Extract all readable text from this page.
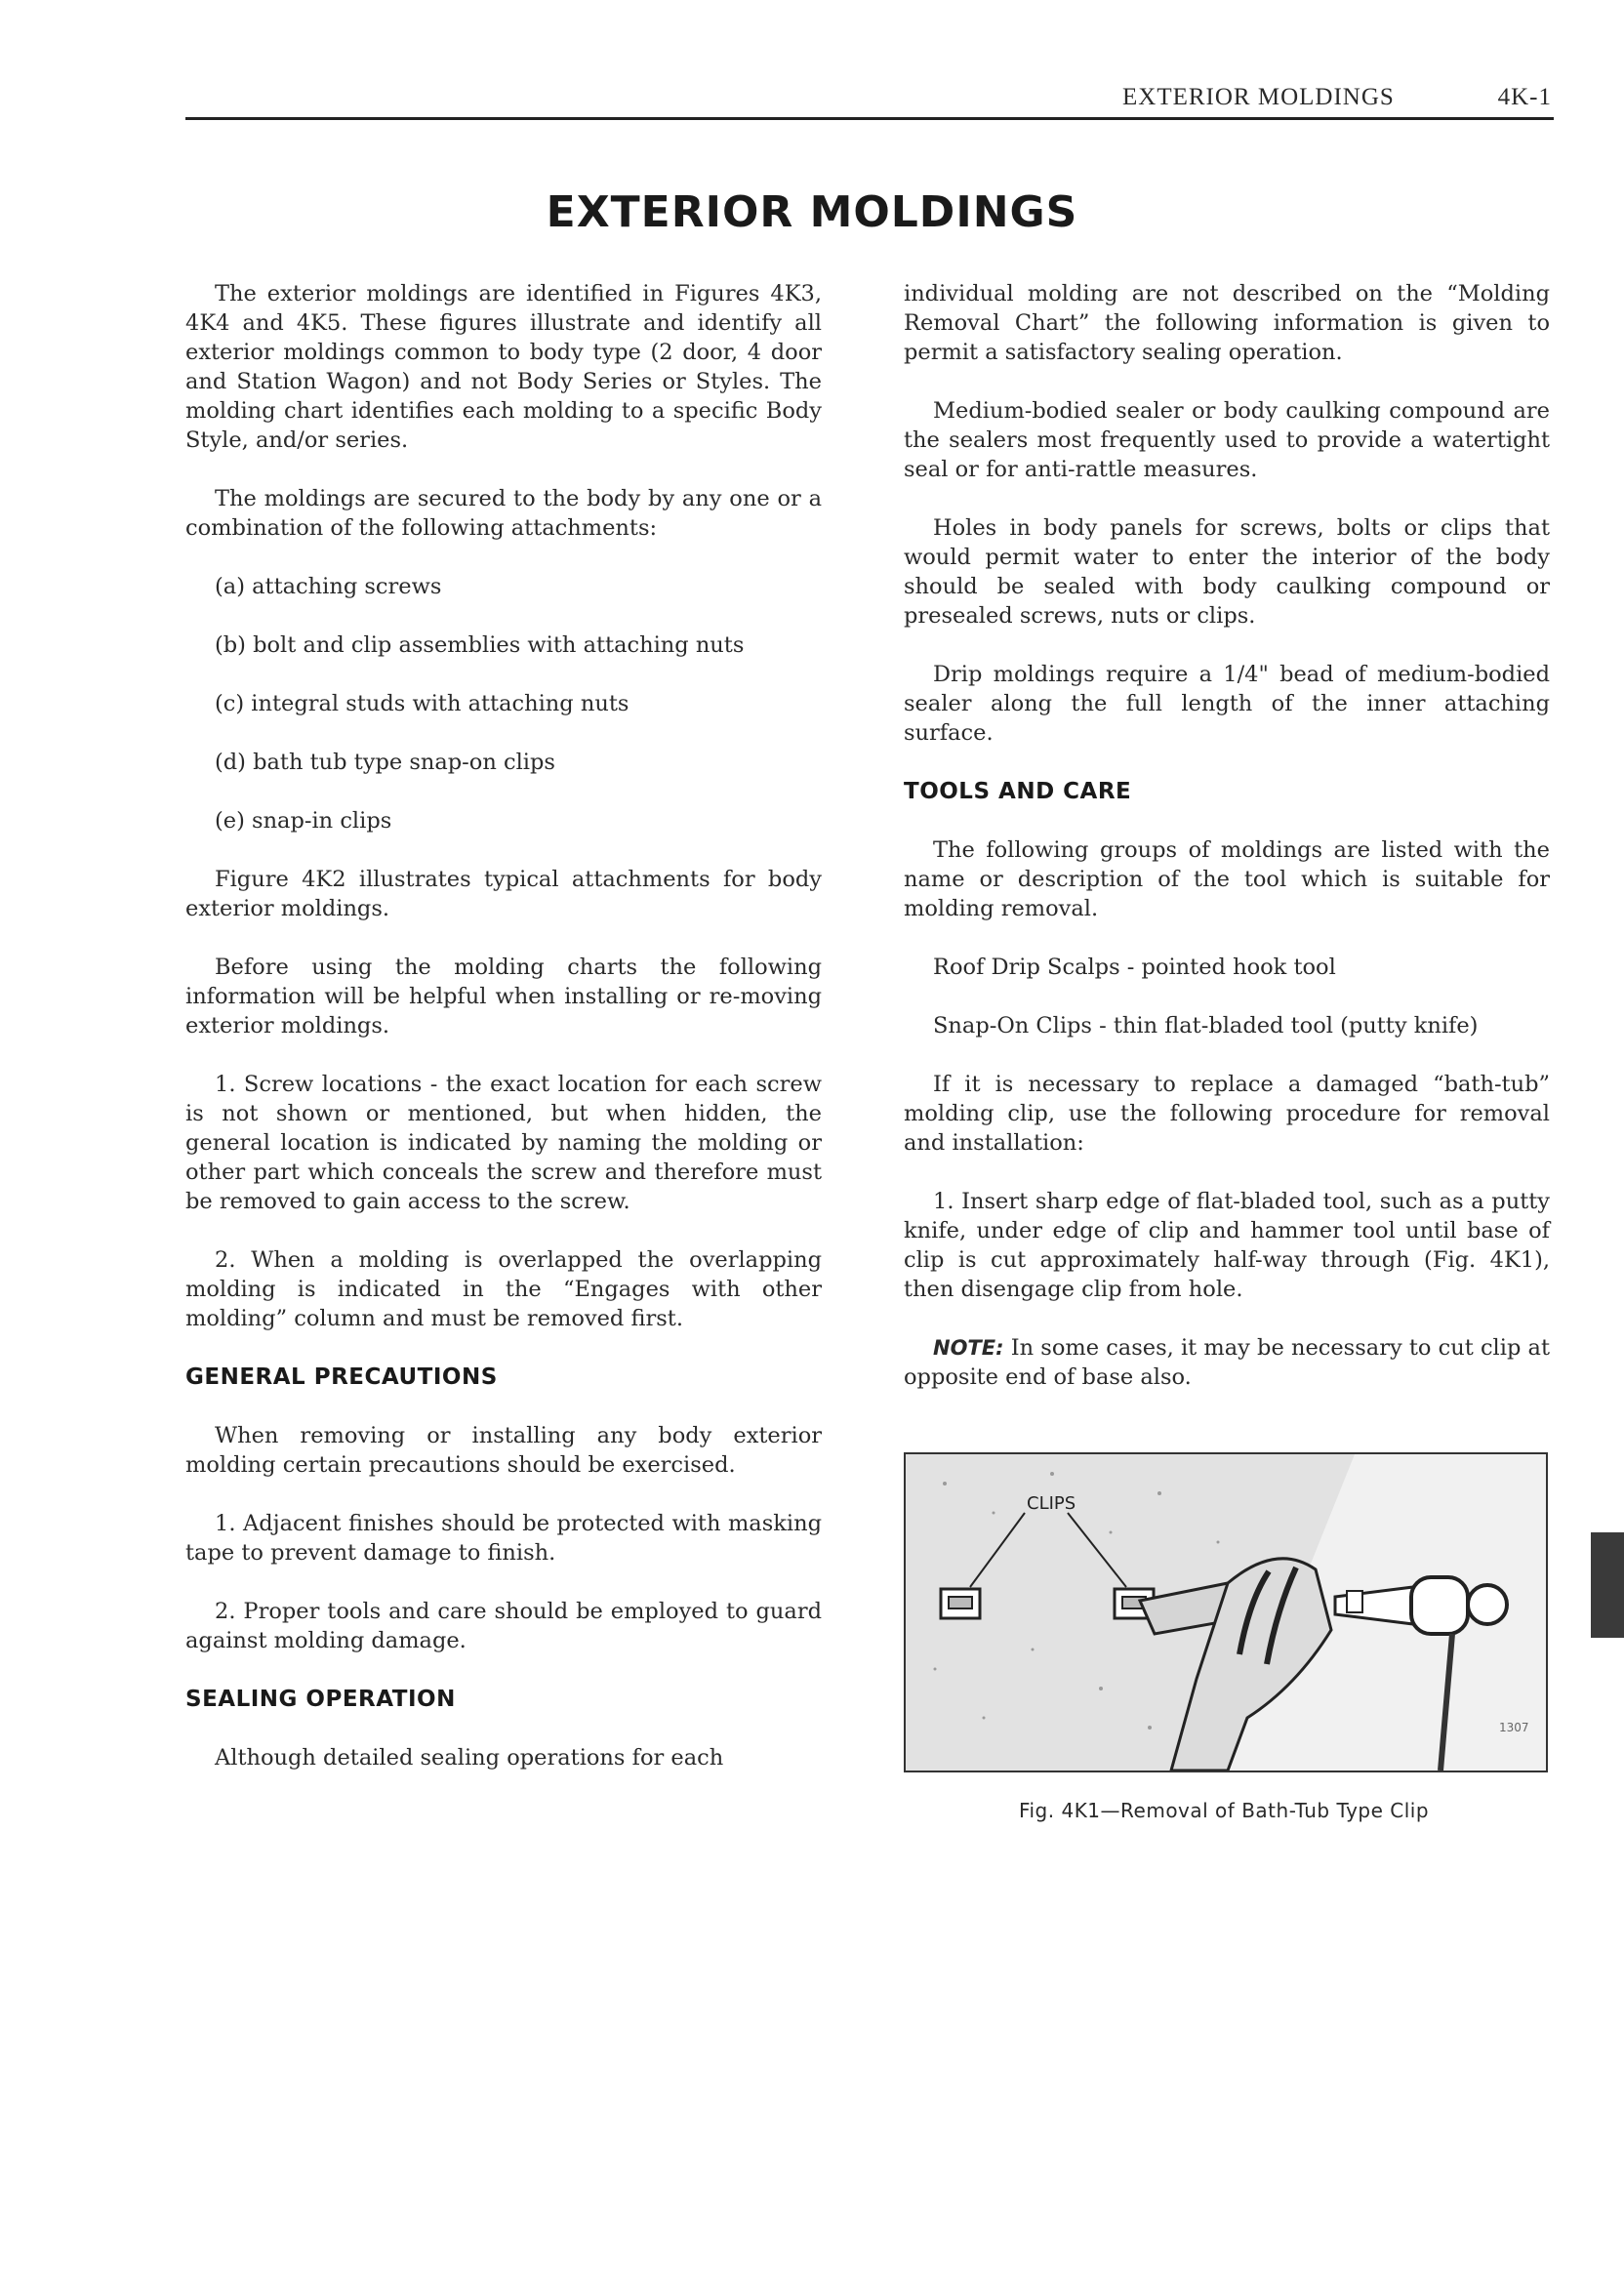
EXTERIOR MOLDINGS	4K-1
EXTERIOR MOLDINGS

The exterior moldings are identified in Figures 4K3, 4K4 and 4K5. These figures illustrate and identify all exterior moldings common to body type (2 door, 4 door and Station Wagon) and not Body Series or Styles. The molding chart identifies each molding to a specific Body Style, and/or series.

The moldings are secured to the body by any one or a combination of the following attachments:

(a) attaching screws

(b) bolt and clip assemblies with attaching nuts

(c) integral studs with attaching nuts

(d) bath tub type snap-on clips

(e) snap-in clips

Figure 4K2 illustrates typical attachments for body exterior moldings.

Before using the molding charts the following information will be helpful when installing or re-moving exterior moldings.

1. Screw locations - the exact location for each screw is not shown or mentioned, but when hidden, the general location is indicated by naming the molding or other part which conceals the screw and therefore must be removed to gain access to the screw.

2. When a molding is overlapped the overlapping molding is indicated in the “Engages with other molding” column and must be removed first.

GENERAL PRECAUTIONS

When removing or installing any body exterior molding certain precautions should be exercised.

1. Adjacent finishes should be protected with masking tape to prevent damage to finish.

2. Proper tools and care should be employed to guard against molding damage.

SEALING OPERATION

Although detailed sealing operations for each

individual molding are not described on the “Molding Removal Chart” the following information is given to permit a satisfactory sealing operation.

Medium-bodied sealer or body caulking compound are the sealers most frequently used to provide a watertight seal or for anti-rattle measures.

Holes in body panels for screws, bolts or clips that would permit water to enter the interior of the body should be sealed with body caulking compound or presealed screws, nuts or clips.

Drip moldings require a 1/4" bead of medium-bodied sealer along the full length of the inner attaching surface.

TOOLS AND CARE

The following groups of moldings are listed with the name or description of the tool which is suitable for molding removal.

Roof Drip Scalps - pointed hook tool

Snap-On Clips - thin flat-bladed tool (putty knife)

If it is necessary to replace a damaged “bath-tub” molding clip, use the following procedure for removal and installation:

1. Insert sharp edge of flat-bladed tool, such as a putty knife, under edge of clip and hammer tool until base of clip is cut approximately half-way through (Fig. 4K1), then disengage clip from hole.

NOTE: In some cases, it may be necessary to cut clip at opposite end of base also.

CLIPS
1307
Fig. 4K1—Removal of Bath-Tub Type Clip
